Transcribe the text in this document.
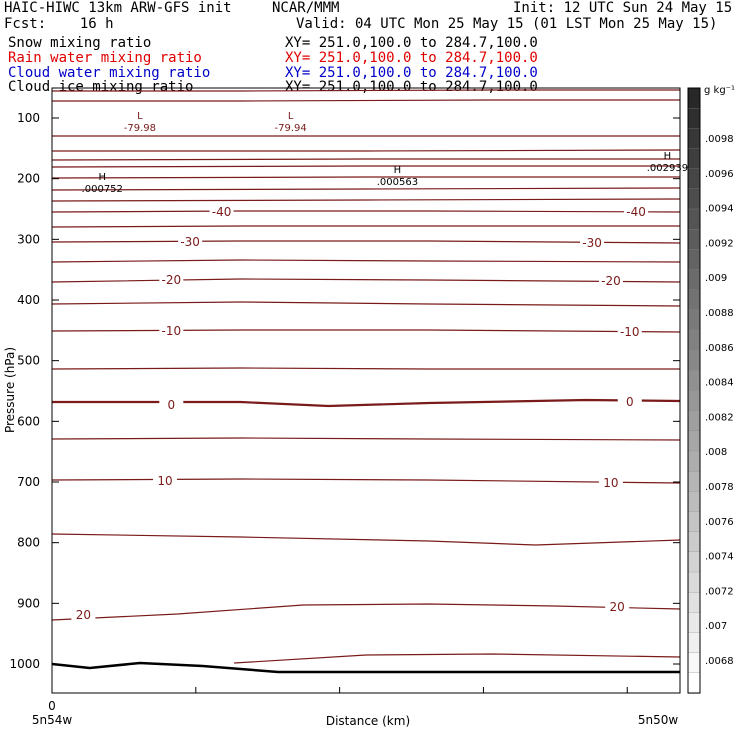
HAIC-HIWC 13km ARW-GFS init	NCAR/MMM	Init: 12 UTC Sun 24 May 15
Fcst:    16 h	Valid: 04 UTC Mon 25 May 15 (01 LST Mon 25 May 15)
Snow mixing ratio	XY= 251.0,100.0 to 284.7,100.0
Rain water mixing ratio	XY= 251.0,100.0 to 284.7,100.0
Cloud water mixing ratio	XY= 251.0,100.0 to 284.7,100.0
Cloud ice mixing ratio	XY= 251.0,100.0 to 284.7,100.0
-40	-40
-30	-30
-20	-20
-10	-10
0	0
10	10
20
20
L
-79.98
L
-79.94
H
.000752
H
.000563
H
.002939
100
200
300
400
500
600
700
800
900
1000
0
Pressure (hPa)
Distance (km)
5n54w	5n50w
.0098
.0096
.0094
.0092
.009
.0088
.0086
.0084
.0082
.008
.0078
.0076
.0074
.0072
.007
.0068
g kg⁻¹
